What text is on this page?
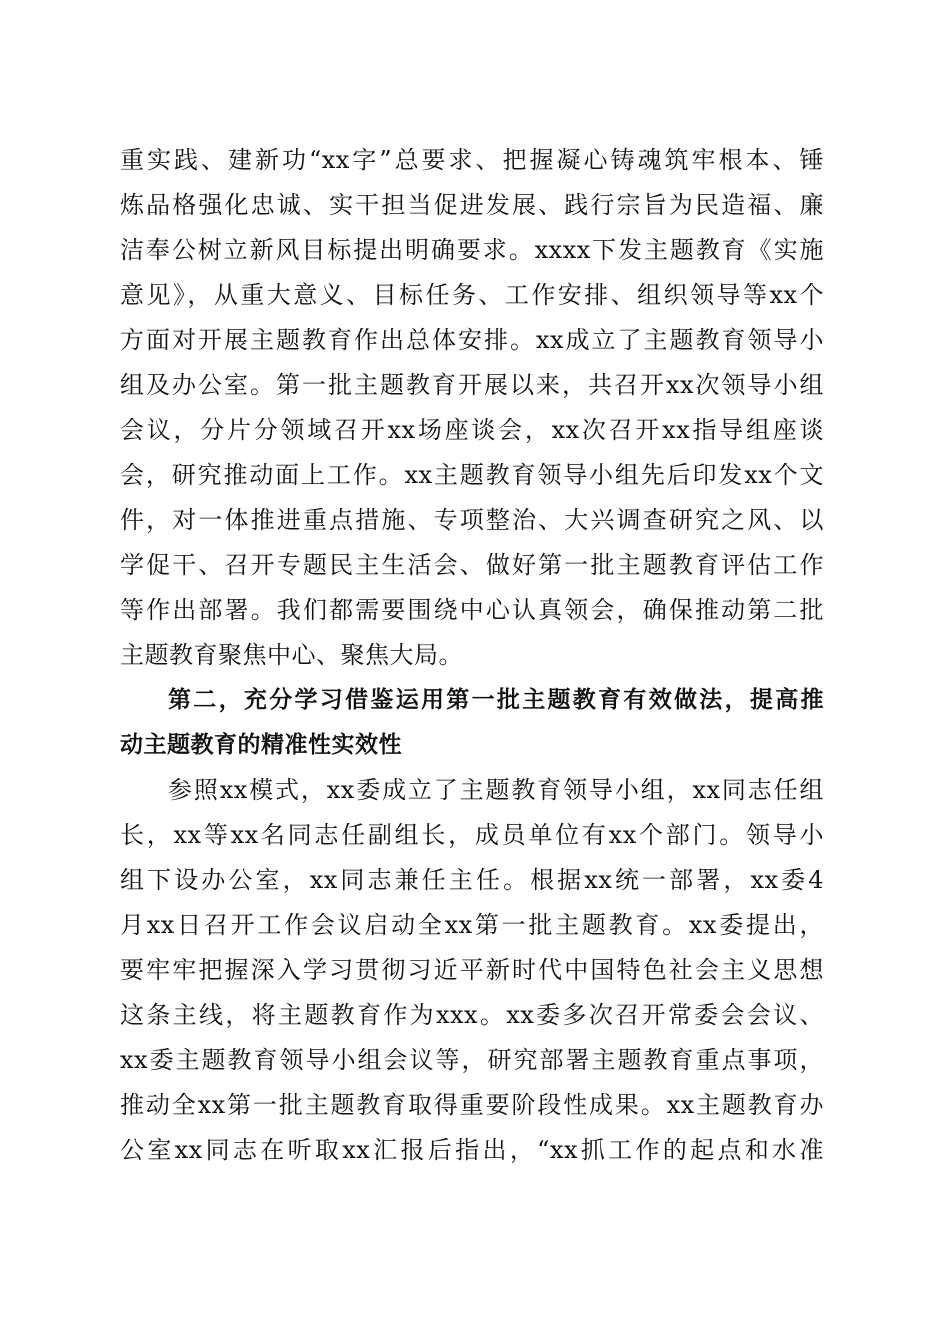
重实践、建新功“xx字”总要求、把握凝心铸魂筑牢根本、锤
炼品格强化忠诚、实干担当促进发展、践行宗旨为民造福、廉
洁奉公树立新风目标提出明确要求。xxxx下发主题教育《实施
意见》，从重大意义、目标任务、工作安排、组织领导等xx个
方面对开展主题教育作出总体安排。xx成立了主题教育领导小
组及办公室。第一批主题教育开展以来，共召开xx次领导小组
会议，分片分领域召开xx场座谈会，xx次召开xx指导组座谈
会，研究推动面上工作。xx主题教育领导小组先后印发xx个文
件，对一体推进重点措施、专项整治、大兴调查研究之风、以
学促干、召开专题民主生活会、做好第一批主题教育评估工作
等作出部署。我们都需要围绕中心认真领会，确保推动第二批
主题教育聚焦中心、聚焦大局。
第二，充分学习借鉴运用第一批主题教育有效做法，提高推
动主题教育的精准性实效性
参照xx模式，xx委成立了主题教育领导小组，xx同志任组
长，xx等xx名同志任副组长，成员单位有xx个部门。领导小
组下设办公室，xx同志兼任主任。根据xx统一部署，xx委4
月xx日召开工作会议启动全xx第一批主题教育。xx委提出，
要牢牢把握深入学习贯彻习近平新时代中国特色社会主义思想
这条主线，将主题教育作为xxx。xx委多次召开常委会会议、
xx委主题教育领导小组会议等，研究部署主题教育重点事项，
推动全xx第一批主题教育取得重要阶段性成果。xx主题教育办
公室xx同志在听取xx汇报后指出，“xx抓工作的起点和水准
